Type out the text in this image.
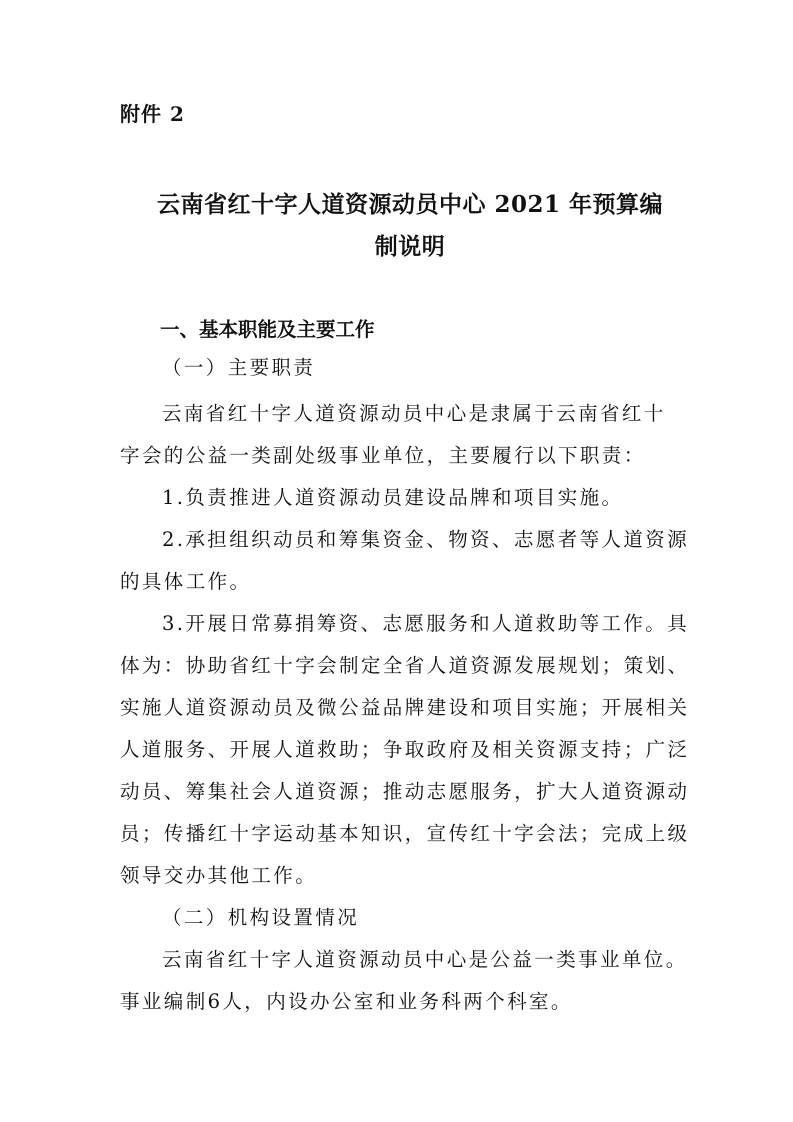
附件 2
云南省红十字人道资源动员中心 2021 年预算编
制说明
一、基本职能及主要工作
（一）主要职责
云南省红十字人道资源动员中心是隶属于云南省红十
字会的公益一类副处级事业单位，主要履行以下职责：
1.负责推进人道资源动员建设品牌和项目实施。
2.承担组织动员和筹集资金、物资、志愿者等人道资源
的具体工作。
3.开展日常募捐筹资、志愿服务和人道救助等工作。具
体为：协助省红十字会制定全省人道资源发展规划；策划、
实施人道资源动员及微公益品牌建设和项目实施；开展相关
人道服务、开展人道救助；争取政府及相关资源支持；广泛
动员、筹集社会人道资源；推动志愿服务，扩大人道资源动
员；传播红十字运动基本知识，宣传红十字会法；完成上级
领导交办其他工作。
（二）机构设置情况
云南省红十字人道资源动员中心是公益一类事业单位。
事业编制6人，内设办公室和业务科两个科室。
